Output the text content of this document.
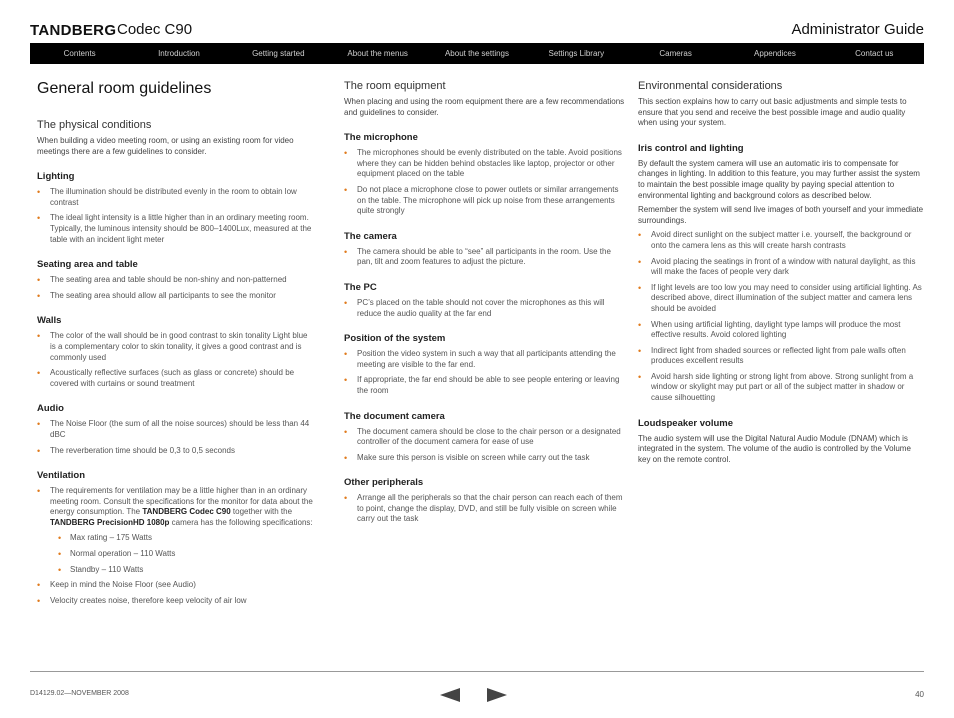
TANDBERG Codec C90	Administrator Guide
Contents	Introduction	Getting started	About the menus	About the settings	Settings Library	Cameras	Appendices	Contact us
General room guidelines
The physical conditions
When building a video meeting room, or using an existing room for video meetings there are a few guidelines to consider.
Lighting
• The illumination should be distributed evenly in the room to obtain low contrast
• The ideal light intensity is a little higher than in an ordinary meeting room. Typically, the luminous intensity should be 800–1400Lux, measured at the table with an incident light meter
Seating area and table
• The seating area and table should be non-shiny and non-patterned
• The seating area should allow all participants to see the monitor
Walls
• The color of the wall should be in good contrast to skin tonality Light blue is a complementary color to skin tonality, it gives a good contrast and is commonly used
• Acoustically reflective surfaces (such as glass or concrete) should be covered with curtains or sound treatment
Audio
• The Noise Floor (the sum of all the noise sources) should be less than 44 dBC
• The reverberation time should be 0,3 to 0,5 seconds
Ventilation
• The requirements for ventilation may be a little higher than in an ordinary meeting room. Consult the specifications for the monitor for data about the energy consumption. The TANDBERG Codec C90 together with the TANDBERG PrecisionHD 1080p camera has the following specifications:
• Max rating – 175 Watts
• Normal operation – 110 Watts
• Standby – 110 Watts
• Keep in mind the Noise Floor (see Audio)
• Velocity creates noise, therefore keep velocity of air low
The room equipment
When placing and using the room equipment there are a few recommendations and guidelines to consider.
The microphone
• The microphones should be evenly distributed on the table. Avoid positions where they can be hidden behind obstacles like laptop, projector or other equipment placed on the table
• Do not place a microphone close to power outlets or similar arrangements on the table. The microphone will pick up noise from these arrangements quite strongly
The camera
• The camera should be able to “see” all participants in the room. Use the pan, tilt and zoom features to adjust the picture.
The PC
• PC’s placed on the table should not cover the microphones as this will reduce the audio quality at the far end
Position of the system
• Position the video system in such a way that all participants attending the meeting are visible to the far end.
• If appropriate, the far end should be able to see people entering or leaving the room
The document camera
• The document camera should be close to the chair person or a designated controller of the document camera for ease of use
• Make sure this person is visible on screen while carry out the task
Other peripherals
• Arrange all the peripherals so that the chair person can reach each of them to point, change the display, DVD, and still be fully visible on screen while carry out the task
Environmental considerations
This section explains how to carry out basic adjustments and simple tests to ensure that you send and receive the best possible image and audio quality when using your system.
Iris control and lighting
By default the system camera will use an automatic iris to compensate for changes in lighting. In addition to this feature, you may further assist the system to maintain the best possible image quality by paying special attention to environmental lighting and background colors as described below.
Remember the system will send live images of both yourself and your immediate surroundings.
• Avoid direct sunlight on the subject matter i.e. yourself, the background or onto the camera lens as this will create harsh contrasts
• Avoid placing the seatings in front of a window with natural daylight, as this will make the faces of people very dark
• If light levels are too low you may need to consider using artificial lighting. As described above, direct illumination of the subject matter and camera lens should be avoided
• When using artificial lighting, daylight type lamps will produce the most effective results. Avoid colored lighting
• Indirect light from shaded sources or reflected light from pale walls often produces excellent results
• Avoid harsh side lighting or strong light from above. Strong sunlight from a window or skylight may put part or all of the subject matter in shadow or cause silhouetting
Loudspeaker volume
The audio system will use the Digital Natural Audio Module (DNAM) which is integrated in the system. The volume of the audio is controlled by the Volume key on the remote control.
D14129.02—NOVEMBER 2008	40
